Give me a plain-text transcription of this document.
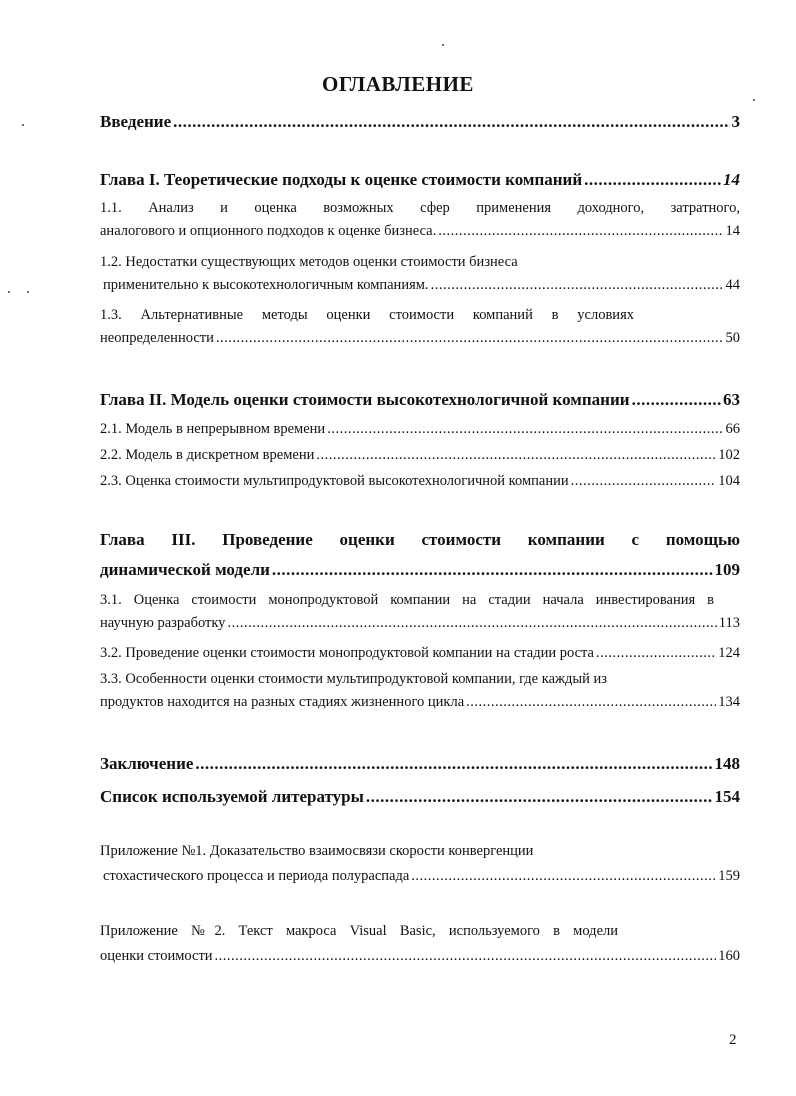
ОГЛАВЛЕНИЕ
Введение .....	3
Глава I. Теоретические подходы к оценке стоимости компаний .....	14
1.1. Анализ и оценка возможных сфер применения доходного, затратного,
аналогового и опционного подходов к оценке бизнеса. .....	14
1.2. Недостатки существующих методов оценки стоимости бизнеса
применительно к высокотехнологичным компаниям. .....	44
1.3. Альтернативные методы оценки стоимости компаний в условиях
неопределенности .....	50
Глава II. Модель оценки стоимости высокотехнологичной компании .....	63
2.1. Модель в непрерывном времени .....	66
2.2. Модель в дискретном времени .....	102
2.3. Оценка стоимости мультипродуктовой высокотехнологичной компании .....	104
Глава III. Проведение оценки стоимости компании с помощью
динамической модели .....	109
3.1. Оценка стоимости монопродуктовой компании на стадии начала инвестирования в
научную разработку .....	113
3.2. Проведение оценки стоимости монопродуктовой компании на стадии роста .....	124
3.3. Особенности оценки стоимости мультипродуктовой компании, где каждый из
продуктов находится на разных стадиях жизненного цикла .....	134
Заключение .....	148
Список используемой литературы .....	154
Приложение №1. Доказательство взаимосвязи скорости конвергенции
стохастического процесса и периода полураспада .....	159
Приложение №2. Текст макроса Visual Basic, используемого в модели
оценки стоимости .....	160
2
